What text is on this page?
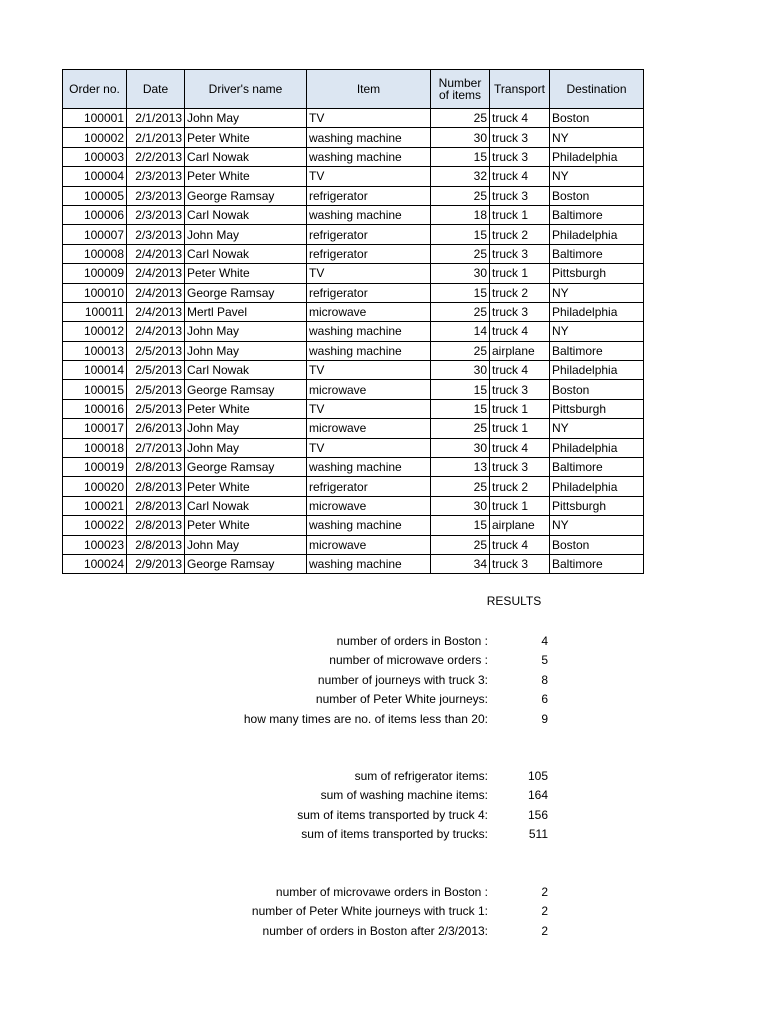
Order no.	Date	Driver's name	Item	Number of items	Transport	Destination
100001	2/1/2013	John May	TV	25	truck 4	Boston
100002	2/1/2013	Peter White	washing machine	30	truck 3	NY
100003	2/2/2013	Carl Nowak	washing machine	15	truck 3	Philadelphia
100004	2/3/2013	Peter White	TV	32	truck 4	NY
100005	2/3/2013	George Ramsay	refrigerator	25	truck 3	Boston
100006	2/3/2013	Carl Nowak	washing machine	18	truck 1	Baltimore
100007	2/3/2013	John May	refrigerator	15	truck 2	Philadelphia
100008	2/4/2013	Carl Nowak	refrigerator	25	truck 3	Baltimore
100009	2/4/2013	Peter White	TV	30	truck 1	Pittsburgh
100010	2/4/2013	George Ramsay	refrigerator	15	truck 2	NY
100011	2/4/2013	Mertl Pavel	microwave	25	truck 3	Philadelphia
100012	2/4/2013	John May	washing machine	14	truck 4	NY
100013	2/5/2013	John May	washing machine	25	airplane	Baltimore
100014	2/5/2013	Carl Nowak	TV	30	truck 4	Philadelphia
100015	2/5/2013	George Ramsay	microwave	15	truck 3	Boston
100016	2/5/2013	Peter White	TV	15	truck 1	Pittsburgh
100017	2/6/2013	John May	microwave	25	truck 1	NY
100018	2/7/2013	John May	TV	30	truck 4	Philadelphia
100019	2/8/2013	George Ramsay	washing machine	13	truck 3	Baltimore
100020	2/8/2013	Peter White	refrigerator	25	truck 2	Philadelphia
100021	2/8/2013	Carl Nowak	microwave	30	truck 1	Pittsburgh
100022	2/8/2013	Peter White	washing machine	15	airplane	NY
100023	2/8/2013	John May	microwave	25	truck 4	Boston
100024	2/9/2013	George Ramsay	washing machine	34	truck 3	Baltimore
RESULTS
number of orders in Boston :	4
number of microwave orders :	5
number of journeys with truck 3:	8
number of Peter White journeys:	6
how many times are no. of items less than 20:	9
sum of refrigerator items:	105
sum of washing machine items:	164
sum of items transported by truck 4:	156
sum of items transported by trucks:	511
number of microvawe orders in Boston :	2
number of Peter White journeys with truck 1:	2
number of orders in Boston after 2/3/2013:	2
